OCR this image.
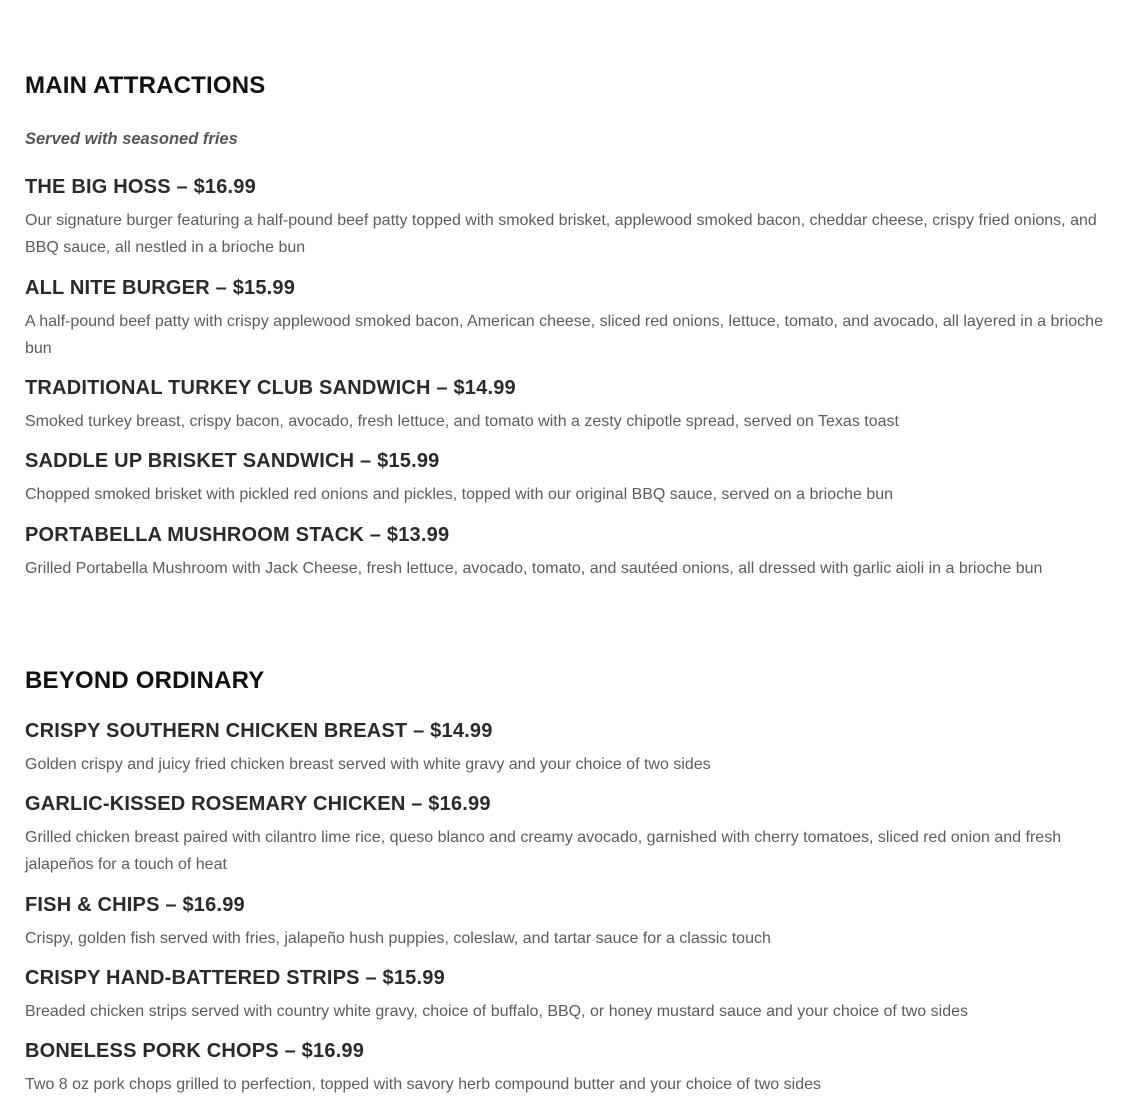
MAIN ATTRACTIONS

Served with seasoned fries

THE BIG HOSS – $16.99

Our signature burger featuring a half-pound beef patty topped with smoked brisket, applewood smoked bacon, cheddar cheese, crispy fried onions, and BBQ sauce, all nestled in a brioche bun

ALL NITE BURGER – $15.99

A half-pound beef patty with crispy applewood smoked bacon, American cheese, sliced red onions, lettuce, tomato, and avocado, all layered in a brioche bun

TRADITIONAL TURKEY CLUB SANDWICH – $14.99

Smoked turkey breast, crispy bacon, avocado, fresh lettuce, and tomato with a zesty chipotle spread, served on Texas toast

SADDLE UP BRISKET SANDWICH – $15.99

Chopped smoked brisket with pickled red onions and pickles, topped with our original BBQ sauce, served on a brioche bun

PORTABELLA MUSHROOM STACK – $13.99

Grilled Portabella Mushroom with Jack Cheese, fresh lettuce, avocado, tomato, and sautéed onions, all dressed with garlic aioli in a brioche bun

BEYOND ORDINARY
CRISPY SOUTHERN CHICKEN BREAST – $14.99

Golden crispy and juicy fried chicken breast served with white gravy and your choice of two sides

GARLIC-KISSED ROSEMARY CHICKEN – $16.99

Grilled chicken breast paired with cilantro lime rice, queso blanco and creamy avocado, garnished with cherry tomatoes, sliced red onion and fresh jalapeños for a touch of heat

FISH & CHIPS – $16.99

Crispy, golden fish served with fries, jalapeño hush puppies, coleslaw, and tartar sauce for a classic touch

CRISPY HAND-BATTERED STRIPS – $15.99

Breaded chicken strips served with country white gravy, choice of buffalo, BBQ, or honey mustard sauce and your choice of two sides

BONELESS PORK CHOPS – $16.99

Two 8 oz pork chops grilled to perfection, topped with savory herb compound butter and your choice of two sides
